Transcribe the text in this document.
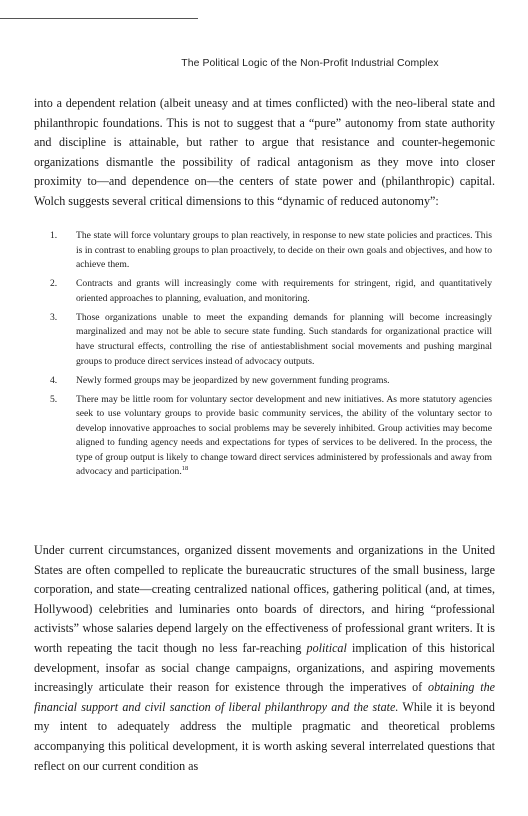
The Political Logic of the Non-Profit Industrial Complex

into a dependent relation (albeit uneasy and at times conflicted) with the neo-liberal state and philanthropic foundations. This is not to suggest that a “pure” autonomy from state authority and discipline is attainable, but rather to argue that resistance and counter-hegemonic organizations dismantle the possibility of radical antagonism as they move into closer proximity to—and dependence on—the centers of state power and (philanthropic) capital. Wolch suggests several critical dimensions to this “dynamic of reduced autonomy”:

1.	The state will force voluntary groups to plan reactively, in response to new state policies and practices. This is in contrast to enabling groups to plan proactively, to decide on their own goals and objectives, and how to achieve them.
2.	Contracts and grants will increasingly come with requirements for stringent, rigid, and quantitatively oriented approaches to planning, evaluation, and monitoring.
3.	Those organizations unable to meet the expanding demands for planning will become increasingly marginalized and may not be able to secure state funding. Such standards for organizational practice will have structural effects, controlling the rise of antiestablishment social movements and pushing marginal groups to produce direct services instead of advocacy outputs.
4.	Newly formed groups may be jeopardized by new government funding programs.
5.	There may be little room for voluntary sector development and new initiatives. As more statutory agencies seek to use voluntary groups to provide basic community services, the ability of the voluntary sector to develop innovative approaches to social problems may be severely inhibited. Group activities may become aligned to funding agency needs and expectations for types of services to be delivered. In the process, the type of group output is likely to change toward direct services administered by professionals and away from advocacy and participation.$^{18}$

Under current circumstances, organized dissent movements and organizations in the United States are often compelled to replicate the bureaucratic structures of the small business, large corporation, and state—creating centralized national offices, gathering political (and, at times, Hollywood) celebrities and luminaries onto boards of directors, and hiring “professional activists” whose salaries depend largely on the effectiveness of professional grant writers. It is worth repeating the tacit though no less far-reaching political implication of this historical development, insofar as social change campaigns, organizations, and aspiring movements increasingly articulate their reason for existence through the imperatives of obtaining the financial support and civil sanction of liberal philanthropy and the state. While it is beyond my intent to adequately address the multiple pragmatic and theoretical problems accompanying this political development, it is worth asking several interrelated questions that reflect on our current condition as
